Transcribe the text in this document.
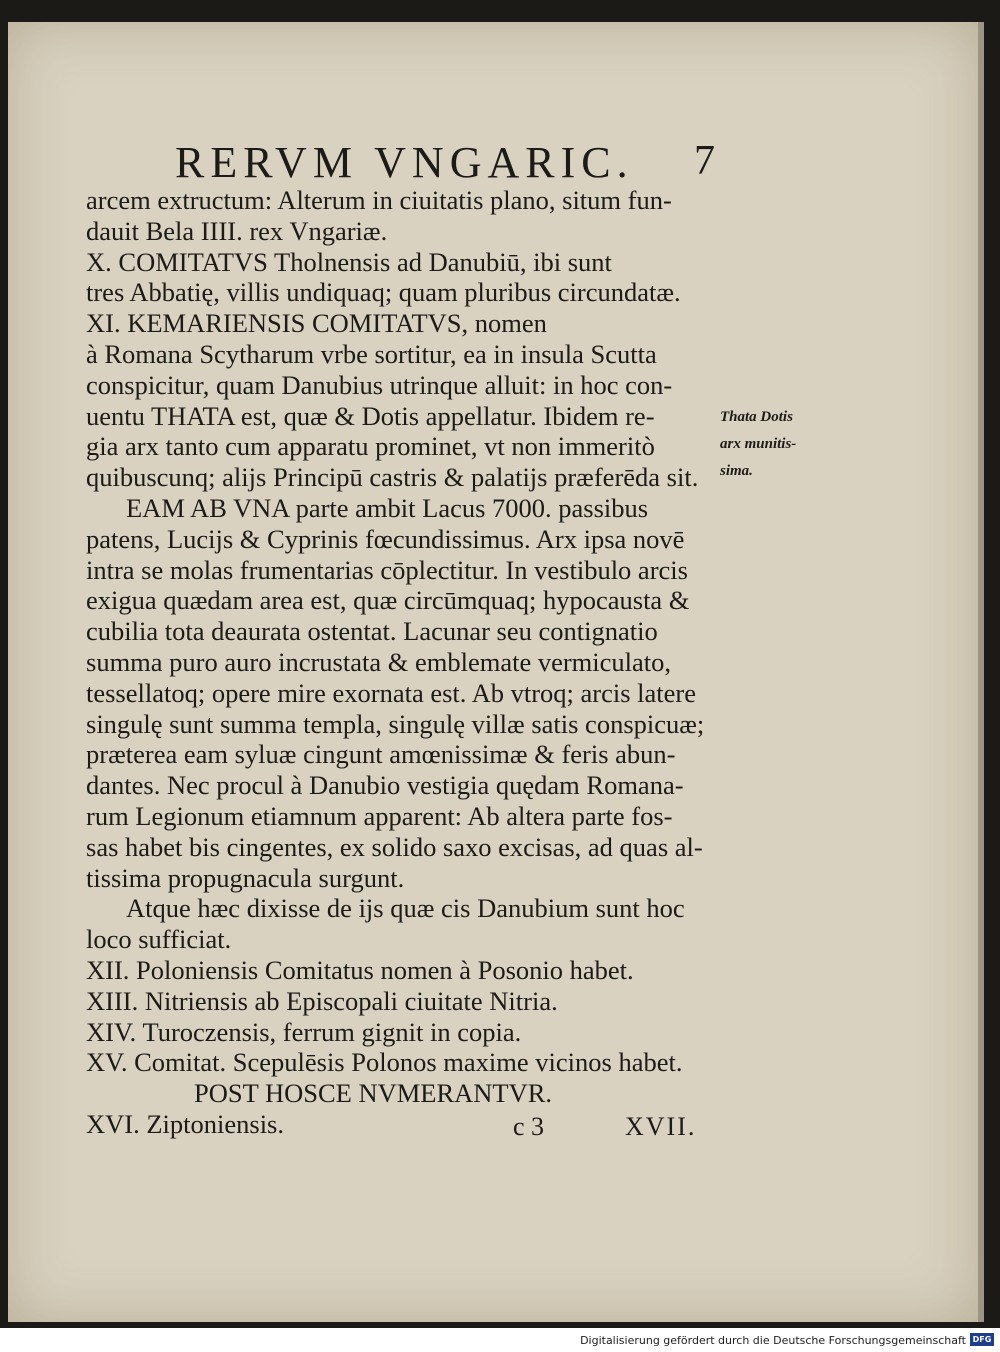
RERVM VNGARIC. 7
arcem extructum: Alterum in ciuitatis plano, situm fun-
dauit Bela IIII. rex Vngariæ.
X. COMITATVS Tholnensis ad Danubiū, ibi sunt
tres Abbatię, villis undiquaq; quam pluribus circundatæ.
XI. KEMARIENSIS COMITATVS, nomen
à Romana Scytharum vrbe sortitur, ea in insula Scutta
conspicitur, quam Danubius utrinque alluit: in hoc con-
uentu THATA est, quæ & Dotis appellatur. Ibidem re-
gia arx tanto cum apparatu prominet, vt non immeritò
quibuscunq; alijs Principū castris & palatijs præferēda sit.
EAM AB VNA parte ambit Lacus 7000. passibus
patens, Lucijs & Cyprinis fœcundissimus. Arx ipsa novē
intra se molas frumentarias cōplectitur. In vestibulo arcis
exigua quædam area est, quæ circūmquaq; hypocausta &
cubilia tota deaurata ostentat. Lacunar seu contignatio
summa puro auro incrustata & emblemate vermiculato,
tessellatoq; opere mire exornata est. Ab vtroq; arcis latere
singulę sunt summa templa, singulę villæ satis conspicuæ;
præterea eam syluæ cingunt amœnissimæ & feris abun-
dantes. Nec procul à Danubio vestigia quędam Romana-
rum Legionum etiamnum apparent: Ab altera parte fos-
sas habet bis cingentes, ex solido saxo excisas, ad quas al-
tissima propugnacula surgunt.
Atque hæc dixisse de ijs quæ cis Danubium sunt hoc
loco sufficiat.
XII. Poloniensis Comitatus nomen à Posonio habet.
XIII. Nitriensis ab Episcopali ciuitate Nitria.
XIV. Turoczensis, ferrum gignit in copia.
XV. Comitat. Scepulēsis Polonos maxime vicinos habet.
POST HOSCE NVMERANTVR.
XVI. Ziptoniensis.
Thata Dotis
arx munitis-
sima.
c 3	XVII.
Digitalisierung gefördert durch die Deutsche Forschungsgemeinschaft DFG
